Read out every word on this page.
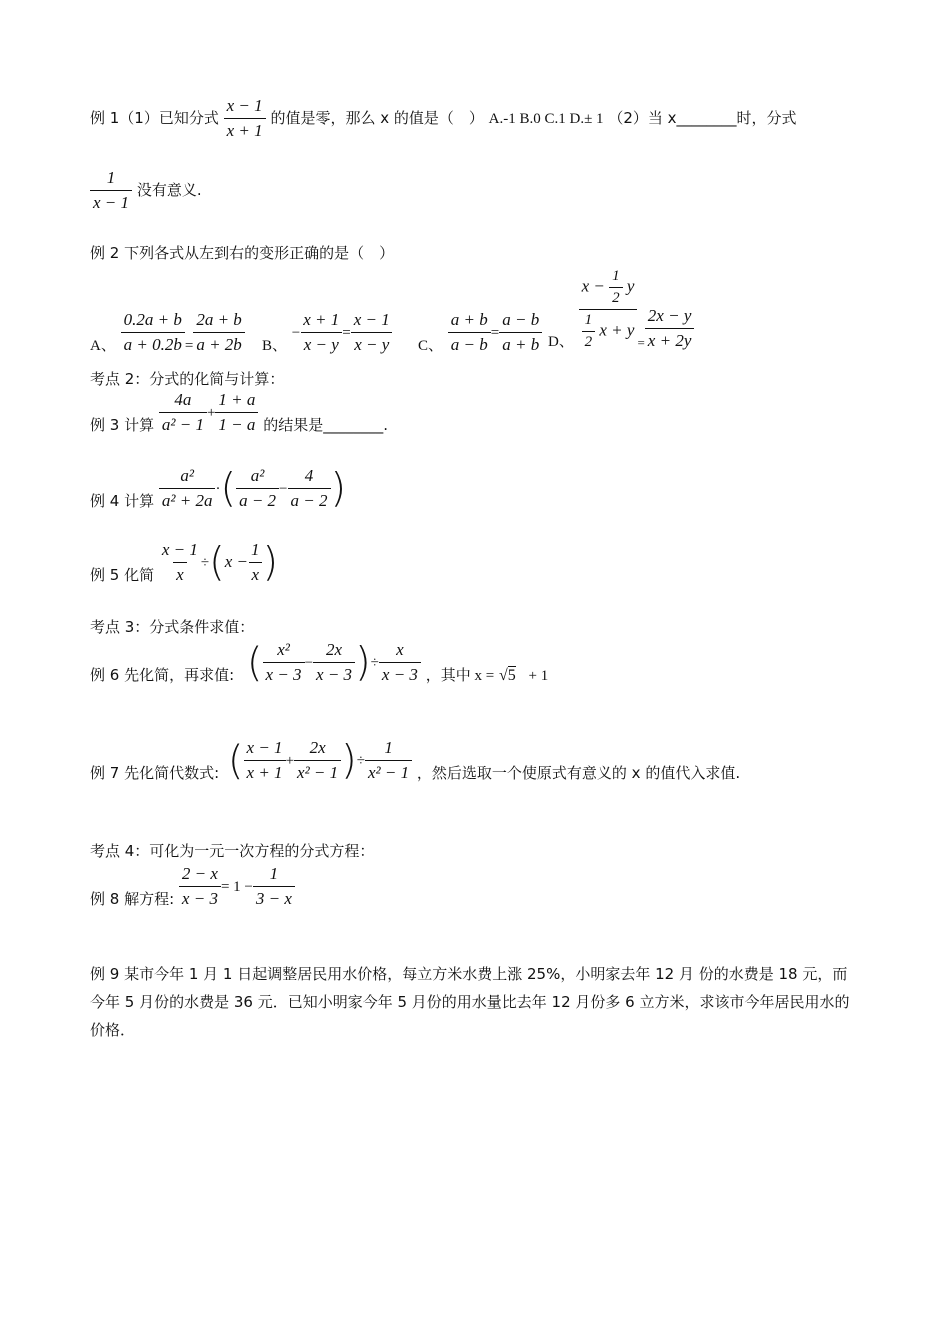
例 1（1）已知分式 $\frac{x - 1}{x + 1}$ 的值是零，那么 x 的值是（　） A.-1 B.0 C.1 D.± 1 （2）当 x________时，分式
$\frac{1}{x - 1}$ 没有意义.
例 2 下列各式从左到右的变形正确的是（　）
A、 $\frac{0.2a + b}{a + 0.2b} = \frac{2a + b}{a + 2b}$ B、 − $\frac{x + 1}{x - y} = \frac{x - 1}{x - y}$ C、 $\frac{a + b}{a - b} = \frac{a - b}{a + b}$ D、 $\frac{x - \frac{1}{2} y}{\frac{1}{2} x + y} = \frac{2x - y}{x + 2y}$
考点 2：分式的化简与计算：
例 3 计算 $\frac{4a}{\text{a² − 1}} + \frac{1 + a}{1 - a}$ 的结果是________.
例 4 计算 $\frac{\text{a²}}{\text{a² + 2a}}$ ·( $\frac{\text{a²}}{a - 2} - \frac{4}{a - 2}$ )
例 5 化简 $\frac{x - 1}{x} \div(x - \frac{1}{x}$ )
考点 3：分式条件求值：
例 6 先化简，再求值: ( $\frac{\text{x²}}{x - 3} - \frac{2x}{x - 3}$ )÷ $\frac{x}{x - 3}$ ，其中 x = √5 + 1
例 7 先化简代数式: ( $\frac{x - 1}{x + 1} + \frac{2x}{\text{x² − 1}}$ )÷ $\frac{1}{\text{x² − 1}}$ ，然后选取一个使原式有意义的 x 的值代入求值.
考点 4：可化为一元一次方程的分式方程：
例 8 解方程: $\frac{2 - x}{x - 3} = 1 - \frac{1}{3 - x}$
例 9 某市今年 1 月 1 日起调整居民用水价格，每立方米水费上涨 25%，小明家去年 12 月 份的水费是 18 元，而今年 5 月份的水费是 36 元．已知小明家今年 5 月份的用水量比去年 12 月份多 6 立方米，求该市今年居民用水的价格．
